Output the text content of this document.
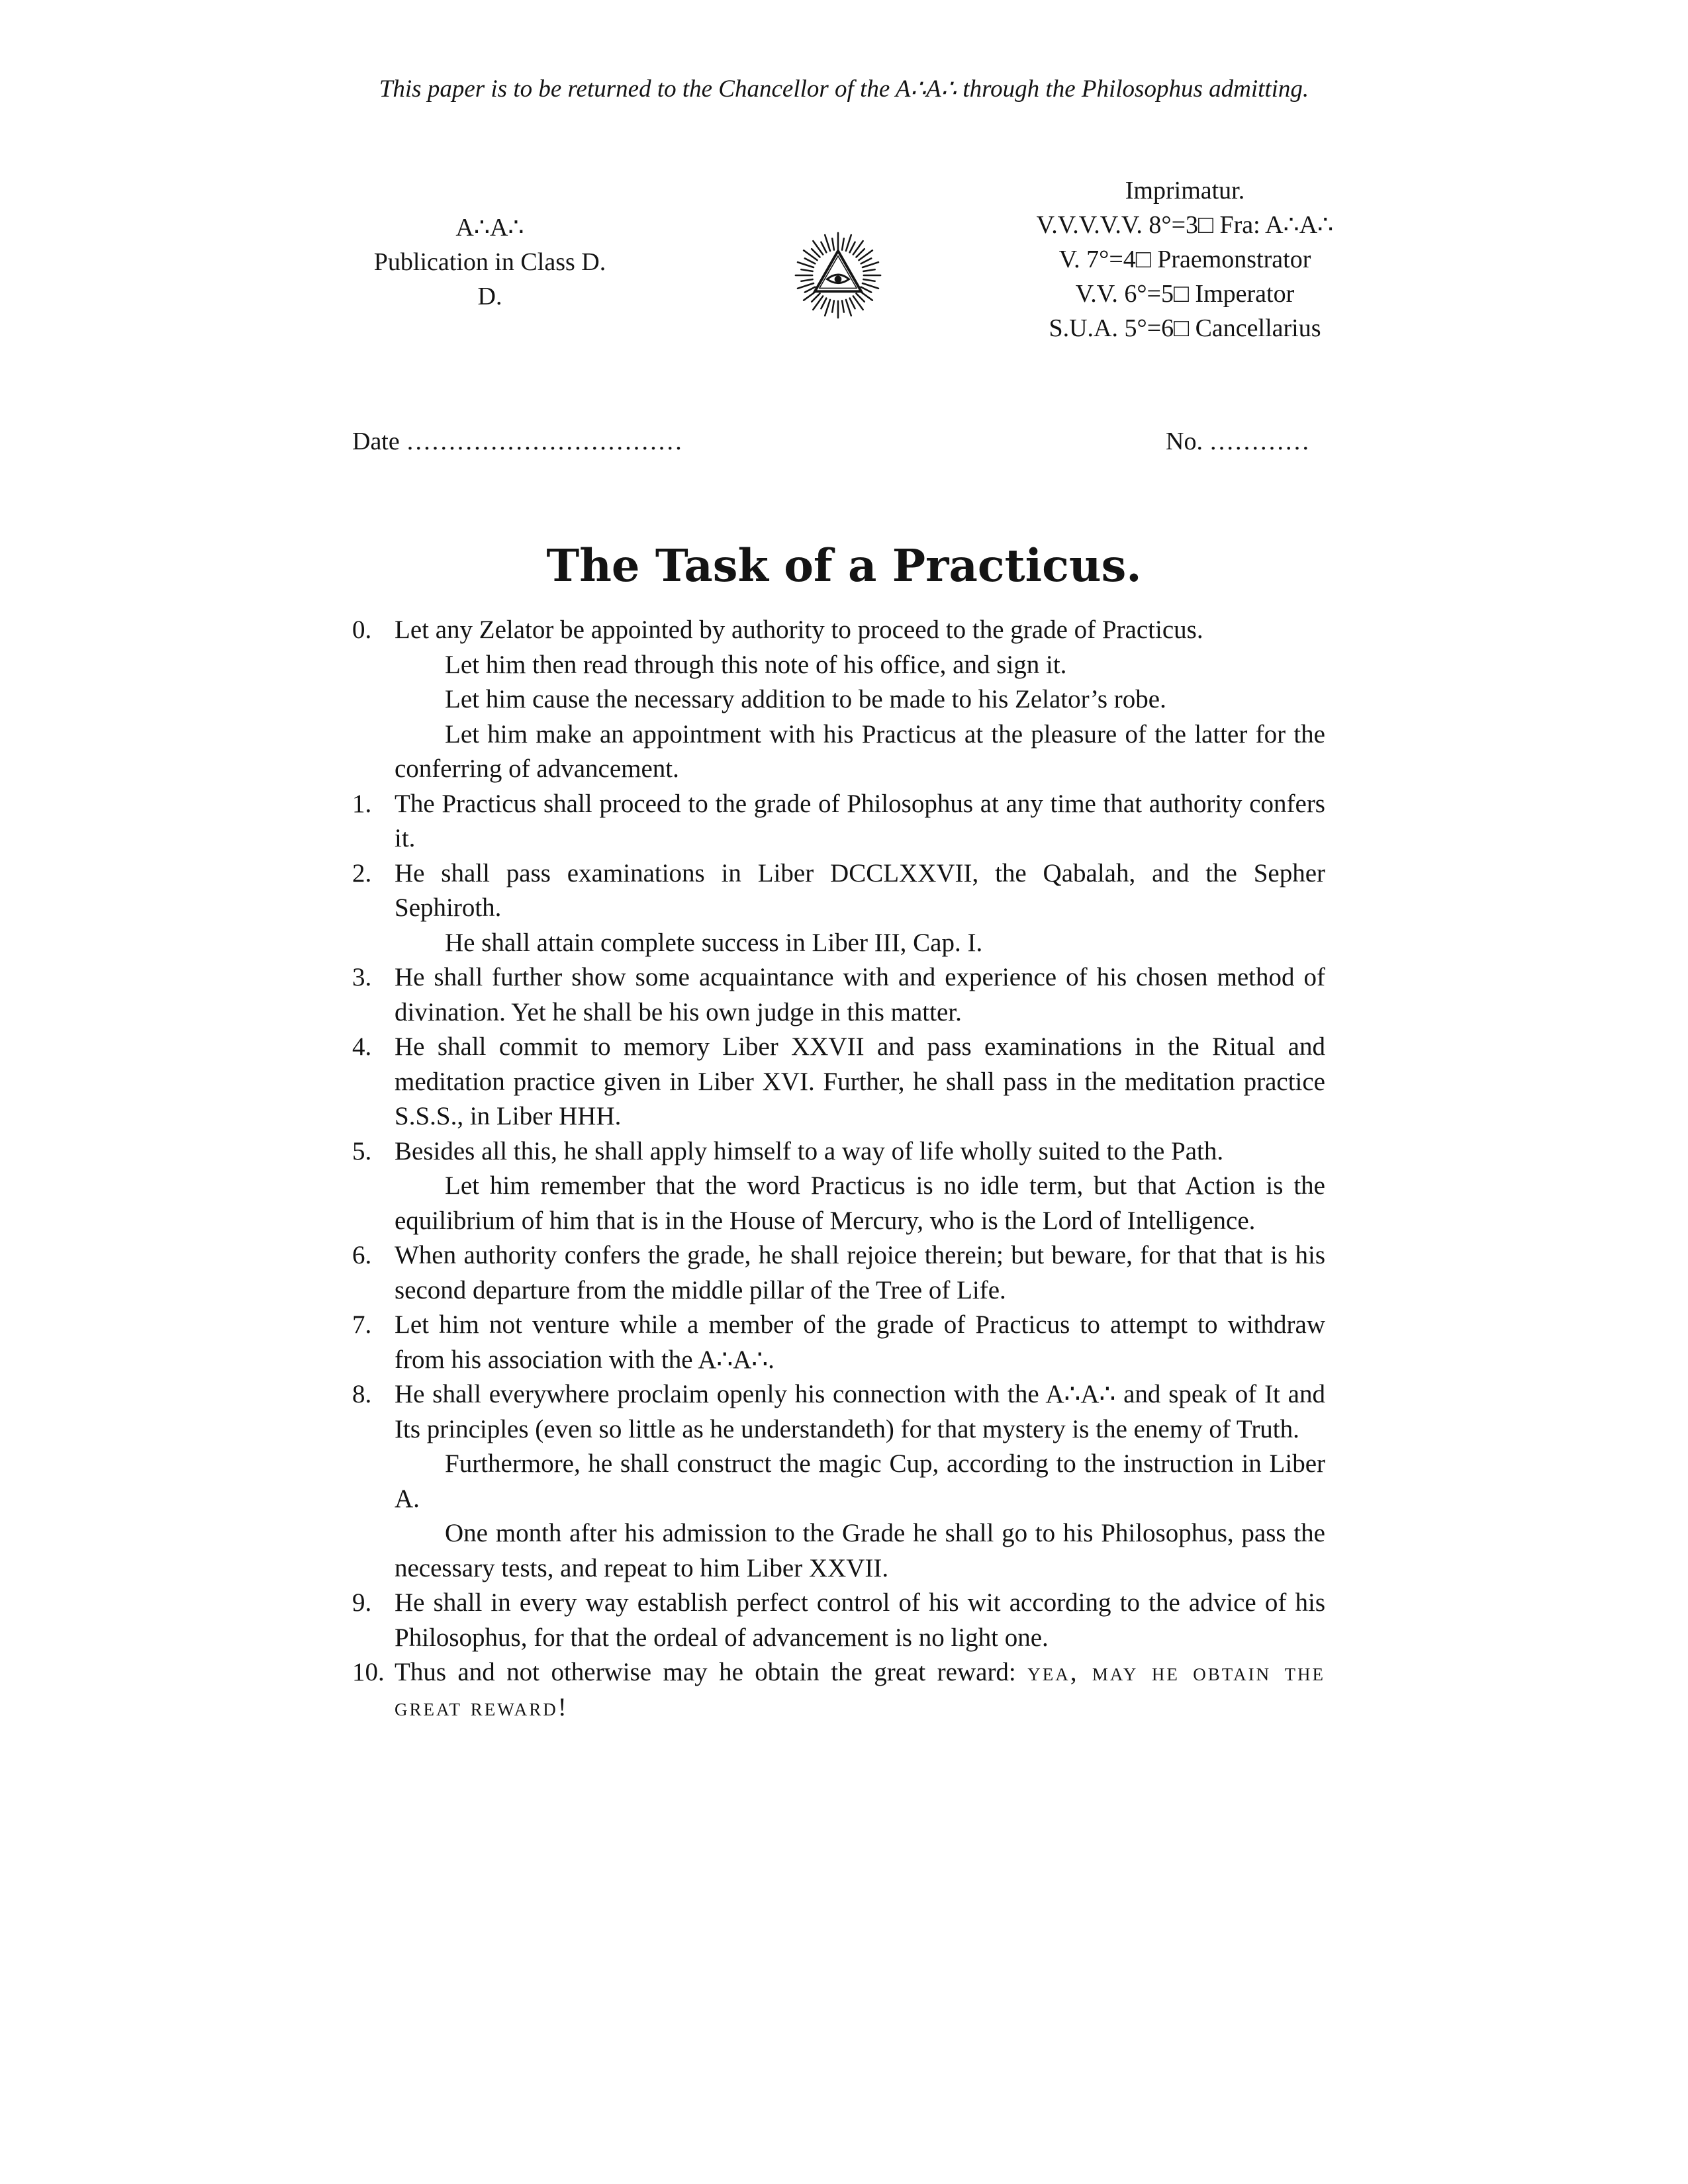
This paper is to be returned to the Chancellor of the A∴A∴ through the Philosophus admitting.
A∴A∴
Publication in Class D.
D.
Imprimatur.
V.V.V.V.V. 8°=3□ Fra: A∴A∴
V. 7°=4□ Praemonstrator
V.V. 6°=5□ Imperator
S.U.A. 5°=6□ Cancellarius
Date ……………………………	No. …………
The Task of a Practicus.
0. Let any Zelator be appointed by authority to proceed to the grade of Practicus.

Let him then read through this note of his office, and sign it.

Let him cause the necessary addition to be made to his Zelator’s robe.

Let him make an appointment with his Practicus at the pleasure of the latter for the conferring of advancement.

1. The Practicus shall proceed to the grade of Philosophus at any time that authority confers it.

2. He shall pass examinations in Liber DCCLXXVII, the Qabalah, and the Sepher Sephiroth.

He shall attain complete success in Liber III, Cap. I.

3. He shall further show some acquaintance with and experience of his chosen method of divination. Yet he shall be his own judge in this matter.

4. He shall commit to memory Liber XXVII and pass examinations in the Ritual and meditation practice given in Liber XVI. Further, he shall pass in the meditation practice S.S.S., in Liber HHH.

5. Besides all this, he shall apply himself to a way of life wholly suited to the Path.

Let him remember that the word Practicus is no idle term, but that Action is the equilibrium of him that is in the House of Mercury, who is the Lord of Intelligence.

6. When authority confers the grade, he shall rejoice therein; but beware, for that that is his second departure from the middle pillar of the Tree of Life.

7. Let him not venture while a member of the grade of Practicus to attempt to withdraw from his association with the A∴A∴.

8. He shall everywhere proclaim openly his connection with the A∴A∴ and speak of It and Its principles (even so little as he understandeth) for that mystery is the enemy of Truth.

Furthermore, he shall construct the magic Cup, according to the instruction in Liber A.

One month after his admission to the Grade he shall go to his Philosophus, pass the necessary tests, and repeat to him Liber XXVII.

9. He shall in every way establish perfect control of his wit according to the advice of his Philosophus, for that the ordeal of advancement is no light one.

10. Thus and not otherwise may he obtain the great reward: yea, may he obtain the great reward!
